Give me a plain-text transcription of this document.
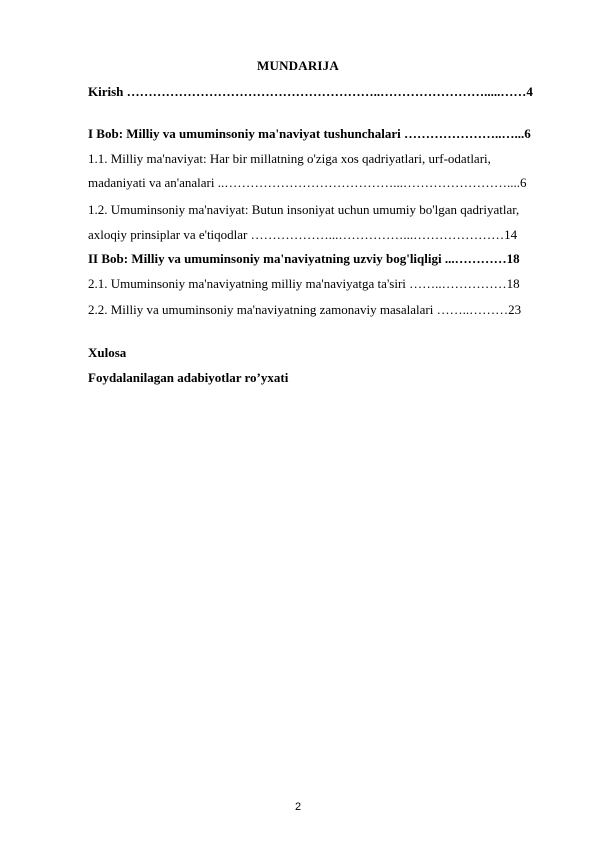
MUNDARIJA
Kirish …………………………………………………..…………………….....……4
I Bob: Milliy va umuminsoniy ma'naviyat tushunchalari …………………..…...6
1.1. Milliy ma'naviyat: Har bir millatning o'ziga xos qadriyatlari, urf-odatlari,
madaniyati va an'analari ..…………………………………...……………………....6
1.2. Umuminsoniy ma'naviyat: Butun insoniyat uchun umumiy bo'lgan qadriyatlar,
axloqiy prinsiplar va e'tiqodlar ………………...……………...…………………14
II Bob: Milliy va umuminsoniy ma'naviyatning uzviy bog'liqligi ...…………18
2.1. Umuminsoniy ma'naviyatning milliy ma'naviyatga ta'siri ……..……………18
2.2. Milliy va umuminsoniy ma'naviyatning zamonaviy masalalari ……..………23
Xulosa
Foydalanilagan adabiyotlar ro’yxati
2
